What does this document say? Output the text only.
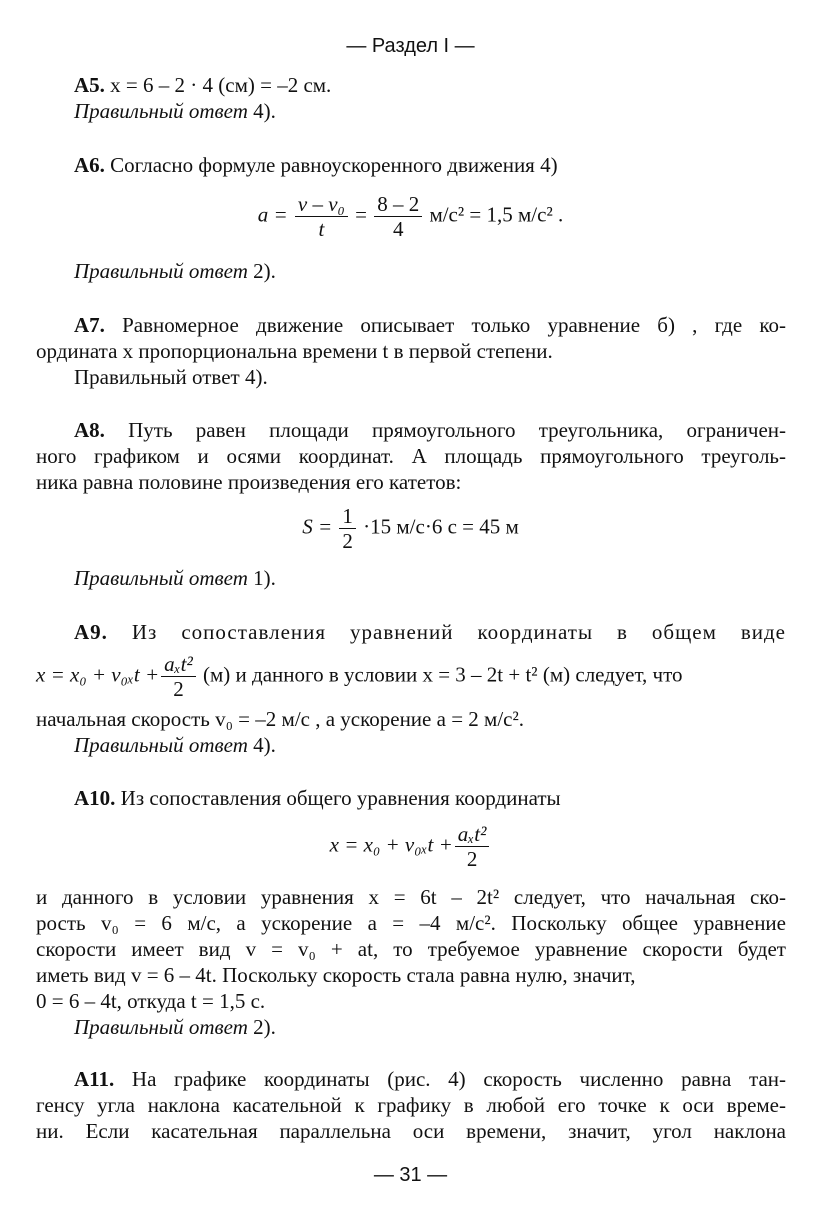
— Раздел I —
А5. x = 6 – 2 · 4 (см) = –2 см.
Правильный ответ 4).
А6. Согласно формуле равноускоренного движения 4)
$a = \frac{\text{v – v₀}}{t} = \frac{8 - 2}{4} м/с^2 = 1,5$ м/с² .
Правильный ответ 2).
А7. Равномерное движение описывает только уравнение б) , где ко-
ордината x пропорциональна времени t в первой степени.
Правильный ответ 4).
А8. Путь равен площади прямоугольного треугольника, ограничен-
ного графиком и осями координат. А площадь прямоугольного треуголь-
ника равна половине произведения его катетов:
$S = \frac{1}{2} \cdot 15$ м/с·6 с = 45 м
Правильный ответ 1).
А9. Из сопоставления уравнений координаты в общем виде
$x = x_0 + v_{0x}t + \frac{\text{aₓt²}}{2} (м)$ и данного в условии x = 3 – 2t + t² (м) следует, что
начальная скорость v₀ = –2 м/с , а ускорение a = 2 м/с².
Правильный ответ 4).
А10. Из сопоставления общего уравнения координаты
$x = x_0 + v_{0x}t + \frac{\text{aₓt²}}{2}$
и данного в условии уравнения x = 6t – 2t² следует, что начальная ско-
рость v₀ = 6 м/с, а ускорение a = –4 м/с². Поскольку общее уравнение
скорости имеет вид v = v₀ + at, то требуемое уравнение скорости будет
иметь вид v = 6 – 4t. Поскольку скорость стала равна нулю, значит,
0 = 6 – 4t, откуда t = 1,5 с.
Правильный ответ 2).
А11. На графике координаты (рис. 4) скорость численно равна тан-
генсу угла наклона касательной к графику в любой его точке к оси време-
ни. Если касательная параллельна оси времени, значит, угол наклона
— 31 —
